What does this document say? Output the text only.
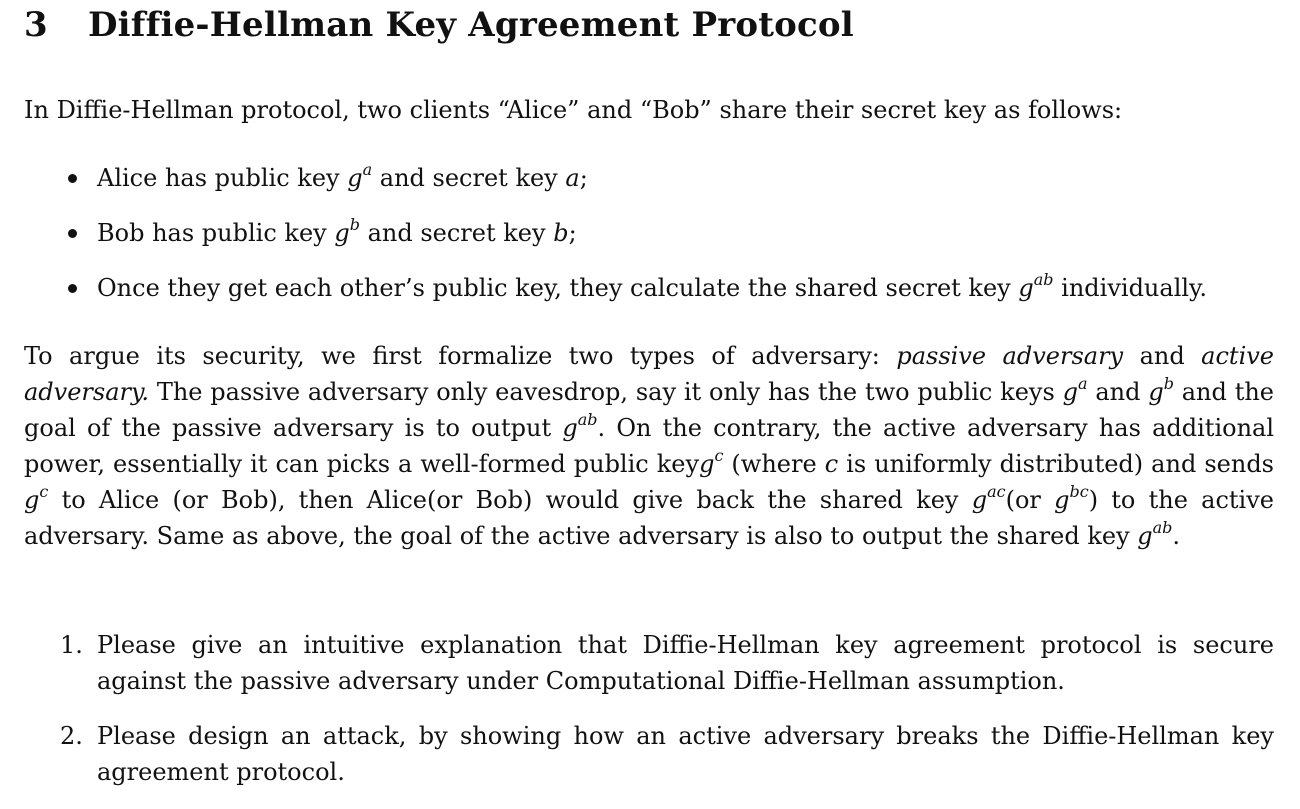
3	Diffie-Hellman Key Agreement Protocol

In Diffie-Hellman protocol, two clients “Alice” and “Bob” share their secret key as follows:

Alice has public key $g^a$ and secret key a;
Bob has public key $g^b$ and secret key b;
Once they get each other’s public key, they calculate the shared secret key $g^{ab}$ individually.

To argue its security, we first formalize two types of adversary: passive adversary and active adversary. The passive adversary only eavesdrop, say it only has the two public keys $g^a$ and $g^b$ and the goal of the passive adversary is to output $g^{ab}$. On the contrary, the active adversary has additional power, essentially it can picks a well-formed public keyg$^c$ (where c is uniformly distributed) and sends $g^c$ to Alice (or Bob), then Alice(or Bob) would give back the shared key $g^{ac}(or$ $g^{bc}$) to the active adversary. Same as above, the goal of the active adversary is also to output the shared key $g^{ab}$.

1. Please give an intuitive explanation that Diffie-Hellman key agreement protocol is secure against the passive adversary under Computational Diffie-Hellman assumption.
2. Please design an attack, by showing how an active adversary breaks the Diffie-Hellman key agreement protocol.
